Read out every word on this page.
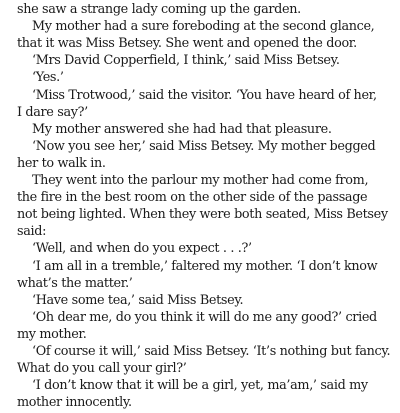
she saw a strange lady coming up the garden.
My mother had a sure foreboding at the second glance,
that it was Miss Betsey. She went and opened the door.
‘Mrs David Copperfield, I think,’ said Miss Betsey.
‘Yes.’
‘Miss Trotwood,’ said the visitor. ‘You have heard of her,
I dare say?’
My mother answered she had had that pleasure.
‘Now you see her,’ said Miss Betsey. My mother begged
her to walk in.
They went into the parlour my mother had come from,
the fire in the best room on the other side of the passage
not being lighted. When they were both seated, Miss Betsey
said:
‘Well, and when do you expect . . .?’
‘I am all in a tremble,’ faltered my mother. ‘I don’t know
what’s the matter.’
‘Have some tea,’ said Miss Betsey.
‘Oh dear me, do you think it will do me any good?’ cried
my mother.
‘Of course it will,’ said Miss Betsey. ‘It’s nothing but fancy.
What do you call your girl?’
‘I don’t know that it will be a girl, yet, ma’am,’ said my
mother innocently.
